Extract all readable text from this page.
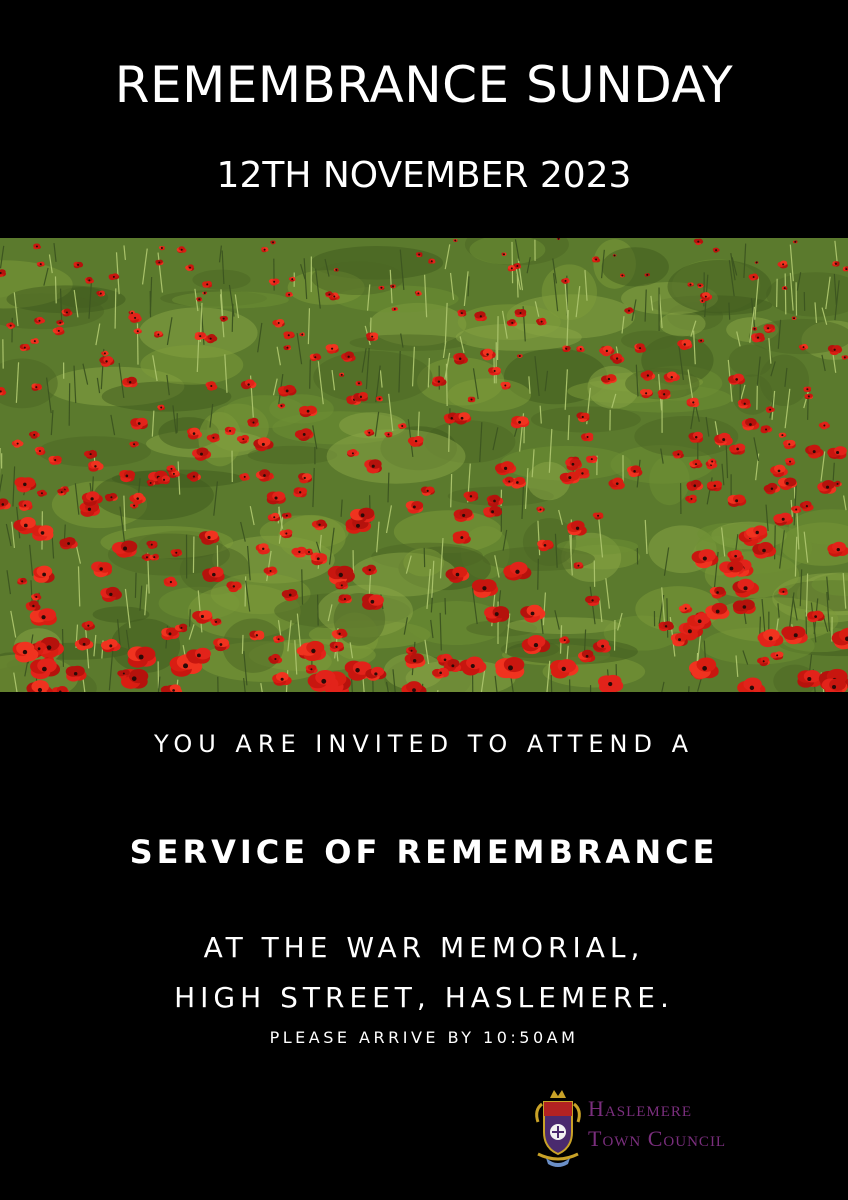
REMEMBRANCE SUNDAY
12TH NOVEMBER 2023
YOU ARE INVITED TO ATTEND A
SERVICE OF REMEMBRANCE
AT THE WAR MEMORIAL,
HIGH STREET, HASLEMERE.
PLEASE ARRIVE BY 10:50AM
Haslemere
Town Council
